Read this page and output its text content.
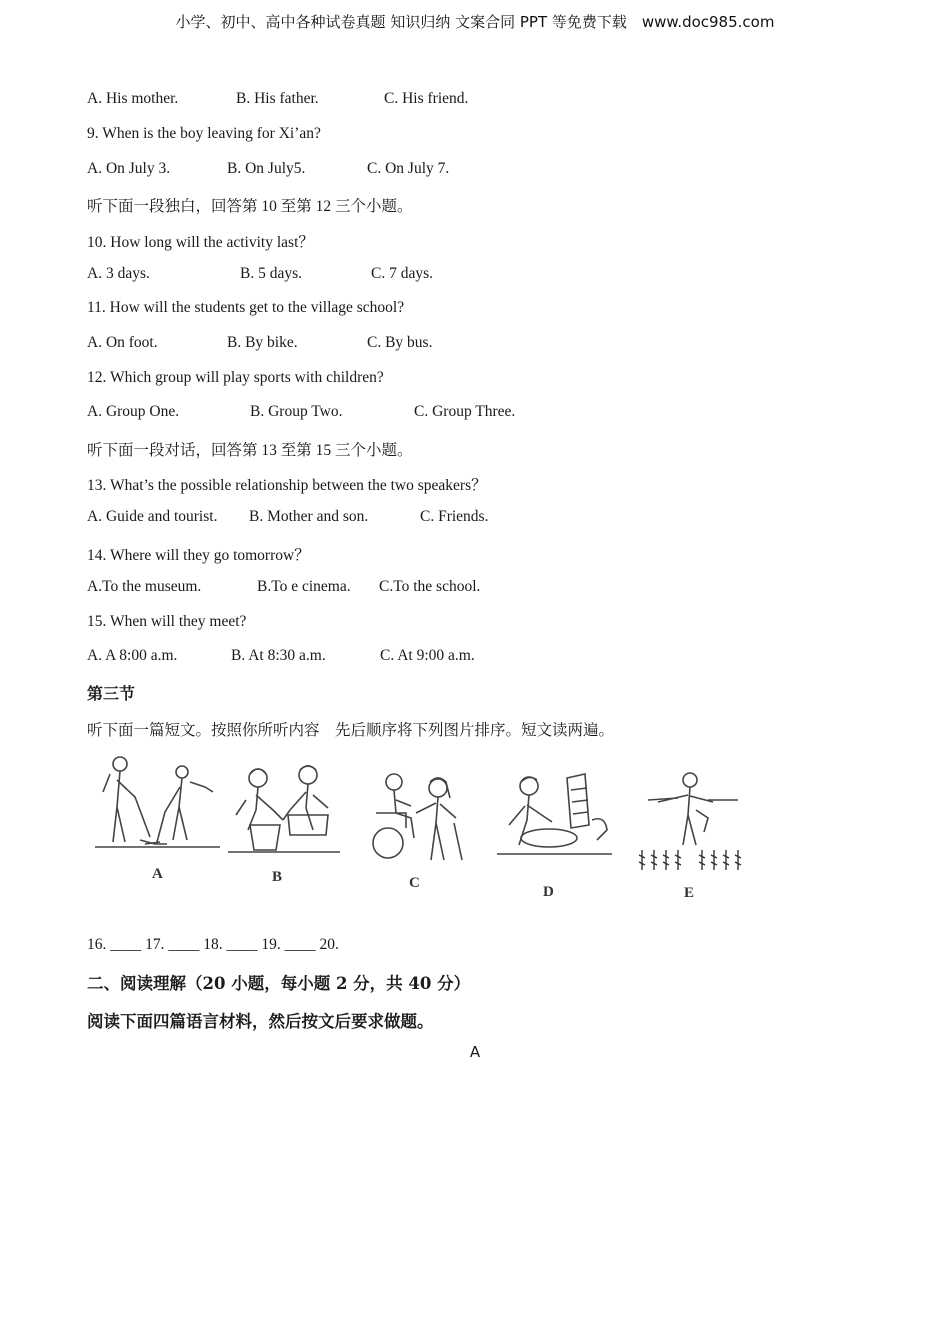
小学、初中、高中各种试卷真题 知识归纳 文案合同 PPT 等免费下载　www.doc985.com
A. His mother.	B. His father.	C. His friend.
9. When is the boy leaving for Xi’an?
A. On July 3.	B. On July5.	C. On July 7.
听下面一段独白，回答第 10 至第 12 三个小题。
10. How long will the activity last？
A. 3 days.	B. 5 days.	C. 7 days.
11. How will the students get to the village school?
A. On foot.	B. By bike.	C. By bus.
12. Which group will play sports with children?
A. Group One.	B. Group Two.	C. Group Three.
听下面一段对话，回答第 13 至第 15 三个小题。
13. What’s the possible relationship between the two speakers？
A. Guide and tourist. B. Mother and son.	C. Friends.
14. Where will they go tomorrow？
A.To the museum.	B.To e cinema. C.To the school.
15. When will they meet?
A. A 8:00 a.m.	B. At 8:30 a.m.	C. At 9:00 a.m.
第三节
听下面一篇短文。按照你所听内容　先后顺序将下列图片排序。短文读两遍。
A	B	C
D	E
16. ____ 17. ____ 18. ____ 19. ____ 20.
二、阅读理解（20 小题，每小题 2 分，共 40 分）
阅读下面四篇语言材料，然后按文后要求做题。
A
